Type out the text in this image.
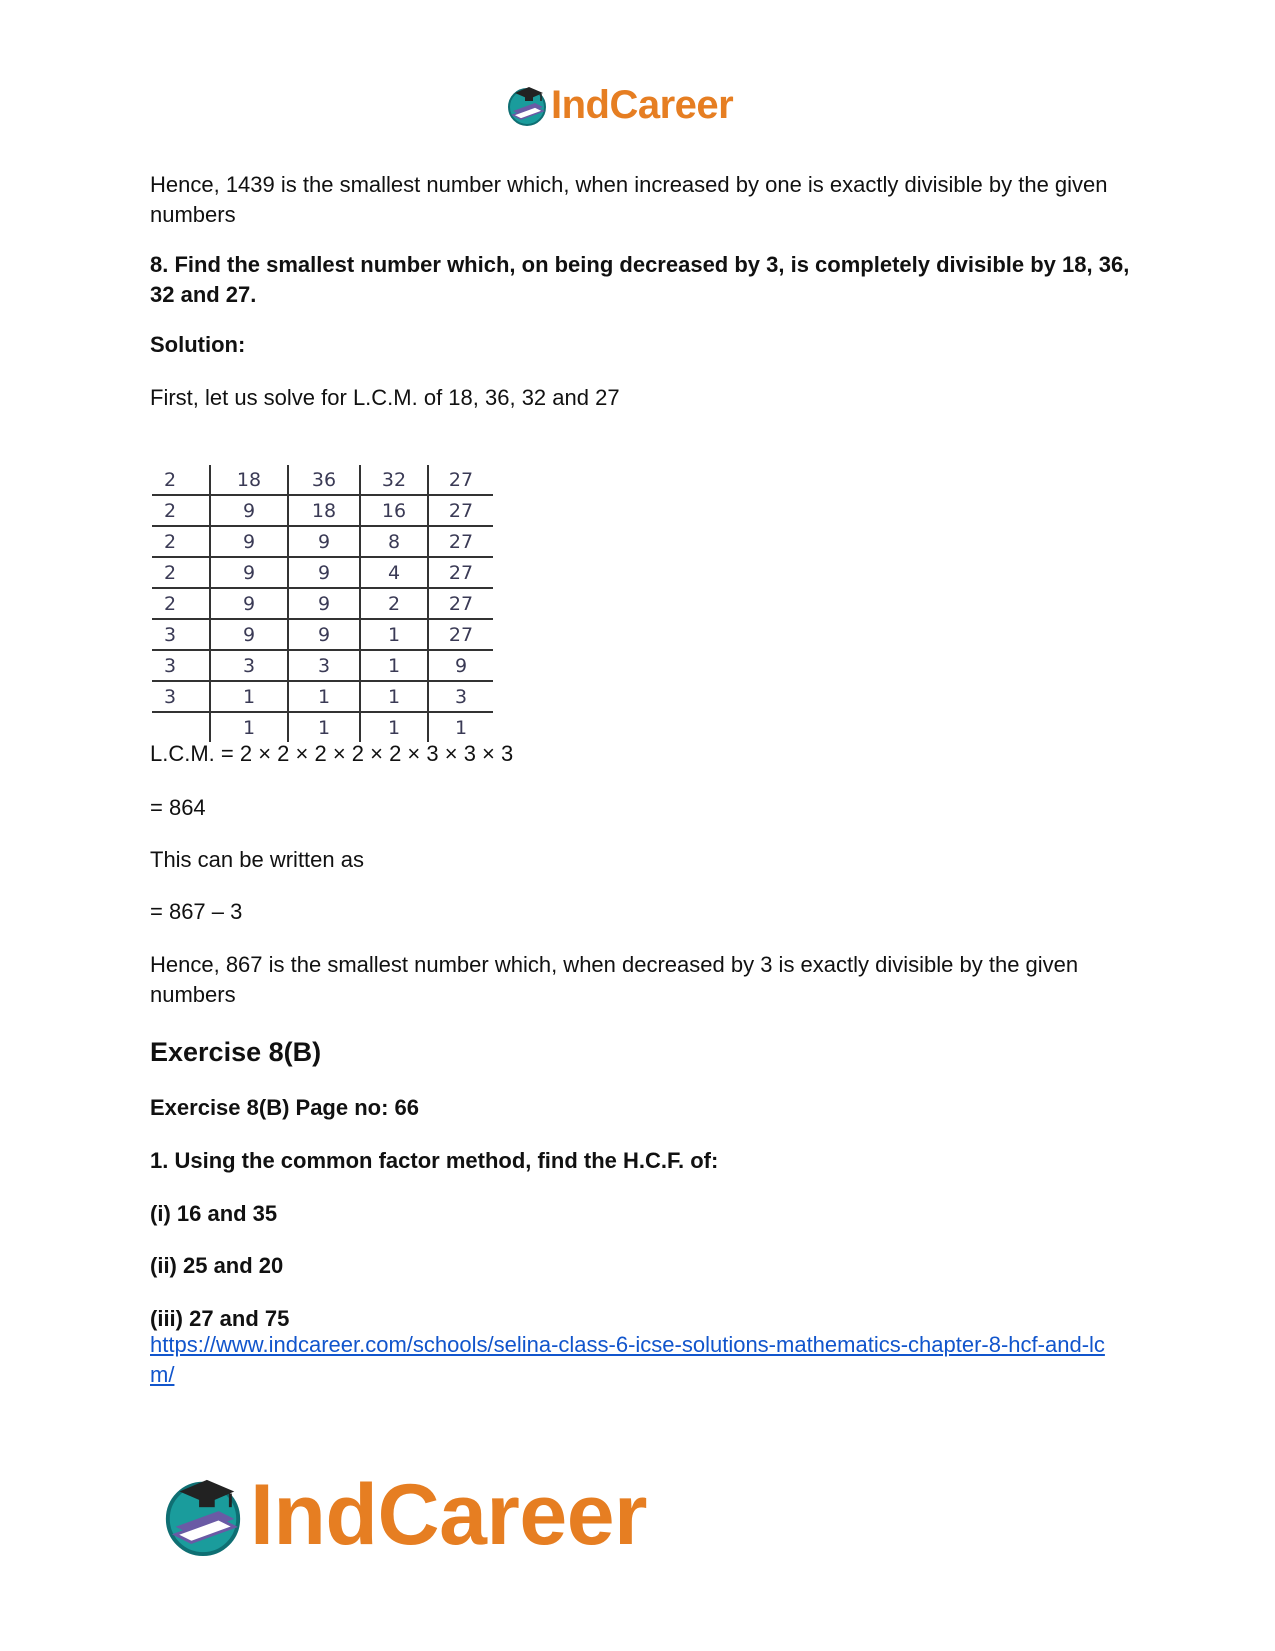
IndCareer

Hence, 1439 is the smallest number which, when increased by one is exactly divisible by the given numbers

8. Find the smallest number which, on being decreased by 3, is completely divisible by 18, 36, 32 and 27.

Solution:

First, let us solve for L.C.M. of 18, 36, 32 and 27

L.C.M. = 2 × 2 × 2 × 2 × 2 × 3 × 3 × 3

= 864

This can be written as

= 867 – 3

Hence, 867 is the smallest number which, when decreased by 3 is exactly divisible by the given numbers

Exercise 8(B)

Exercise 8(B) Page no: 66

1. Using the common factor method, find the H.C.F. of:

(i) 16 and 35

(ii) 25 and 20

(iii) 27 and 75

https://www.indcareer.com/schools/selina-class-6-icse-solutions-mathematics-chapter-8-hcf-and-lcm/

2	18	36	32	27
2	9	18	16	27
2	9	9	8	27
2	9	9	4	27
2	9	9	2	27
3	9	9	1	27
3	3	3	1	9
3	1	1	1	3
	1	1	1	1
IndCareer
